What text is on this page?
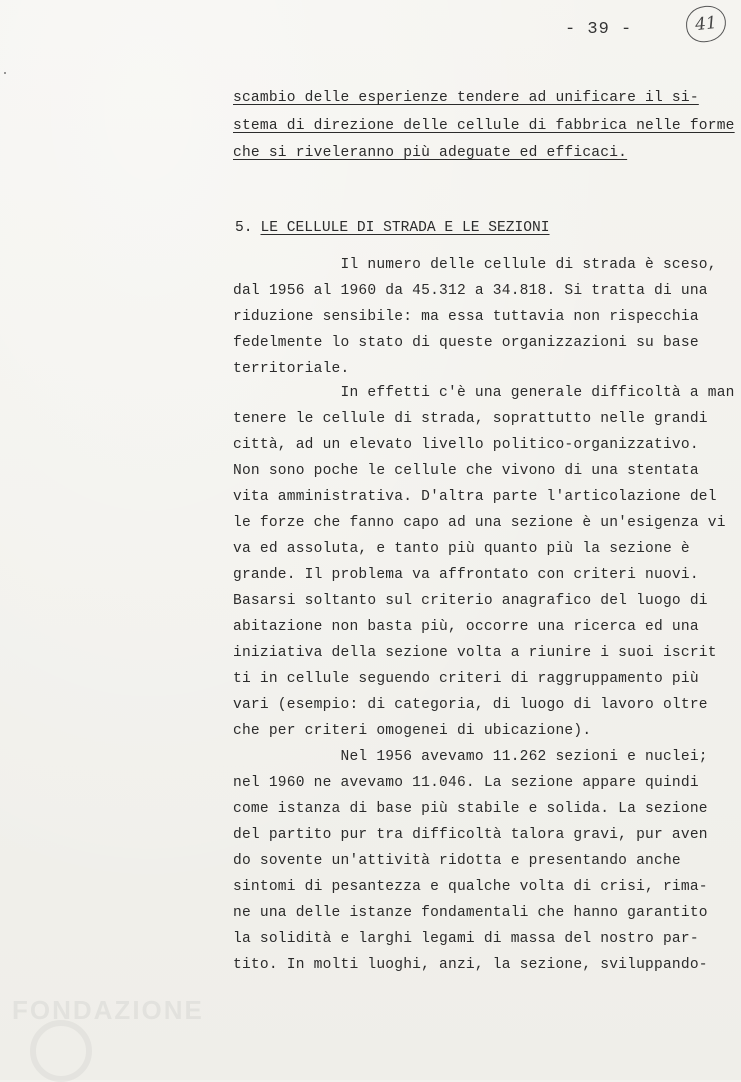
- 39 -	41
scambio delle esperienze tendere ad unificare il si-
stema di direzione delle cellule di fabbrica nelle forme
che si riveleranno più adeguate ed efficaci.
5. LE CELLULE DI STRADA E LE SEZIONI
Il numero delle cellule di strada è sceso,
dal 1956 al 1960 da 45.312 a 34.818. Si tratta di una
riduzione sensibile: ma essa tuttavia non rispecchia
fedelmente lo stato di queste organizzazioni su base
territoriale.
In effetti c'è una generale difficoltà a man
tenere le cellule di strada, soprattutto nelle grandi
città, ad un elevato livello politico-organizzativo.
Non sono poche le cellule che vivono di una stentata
vita amministrativa. D'altra parte l'articolazione del
le forze che fanno capo ad una sezione è un'esigenza vi
va ed assoluta, e tanto più quanto più la sezione è
grande. Il problema va affrontato con criteri nuovi.
Basarsi soltanto sul criterio anagrafico del luogo di
abitazione non basta più, occorre una ricerca ed una
iniziativa della sezione volta a riunire i suoi iscrit
ti in cellule seguendo criteri di raggruppamento più
vari (esempio: di categoria, di luogo di lavoro oltre
che per criteri omogenei di ubicazione).
Nel 1956 avevamo 11.262 sezioni e nuclei;
nel 1960 ne avevamo 11.046. La sezione appare quindi
come istanza di base più stabile e solida. La sezione
del partito pur tra difficoltà talora gravi, pur aven
do sovente un'attività ridotta e presentando anche
sintomi di pesantezza e qualche volta di crisi, rima-
ne una delle istanze fondamentali che hanno garantito
la solidità e larghi legami di massa del nostro par-
tito. In molti luoghi, anzi, la sezione, sviluppando-
FONDAZIONE
